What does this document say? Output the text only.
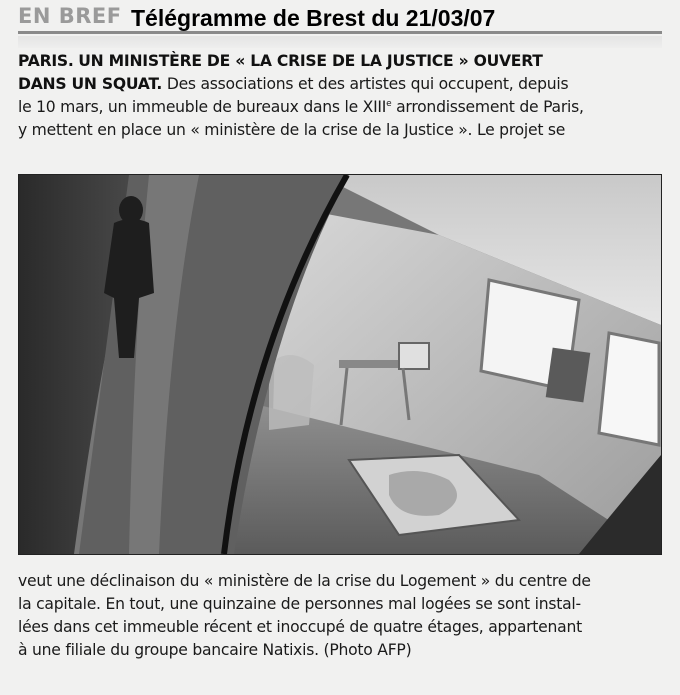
EN BREF Télégramme de Brest du 21/03/07
PARIS. UN MINISTÈRE DE « LA CRISE DE LA JUSTICE » OUVERT
DANS UN SQUAT. Des associations et des artistes qui occupent, depuis
le 10 mars, un immeuble de bureaux dans le XIIIe arrondissement de Paris,
y mettent en place un « ministère de la crise de la Justice ». Le projet se
veut une déclinaison du « ministère de la crise du Logement » du centre de
la capitale. En tout, une quinzaine de personnes mal logées se sont instal-
lées dans cet immeuble récent et inoccupé de quatre étages, appartenant
à une filiale du groupe bancaire Natixis. (Photo AFP)
